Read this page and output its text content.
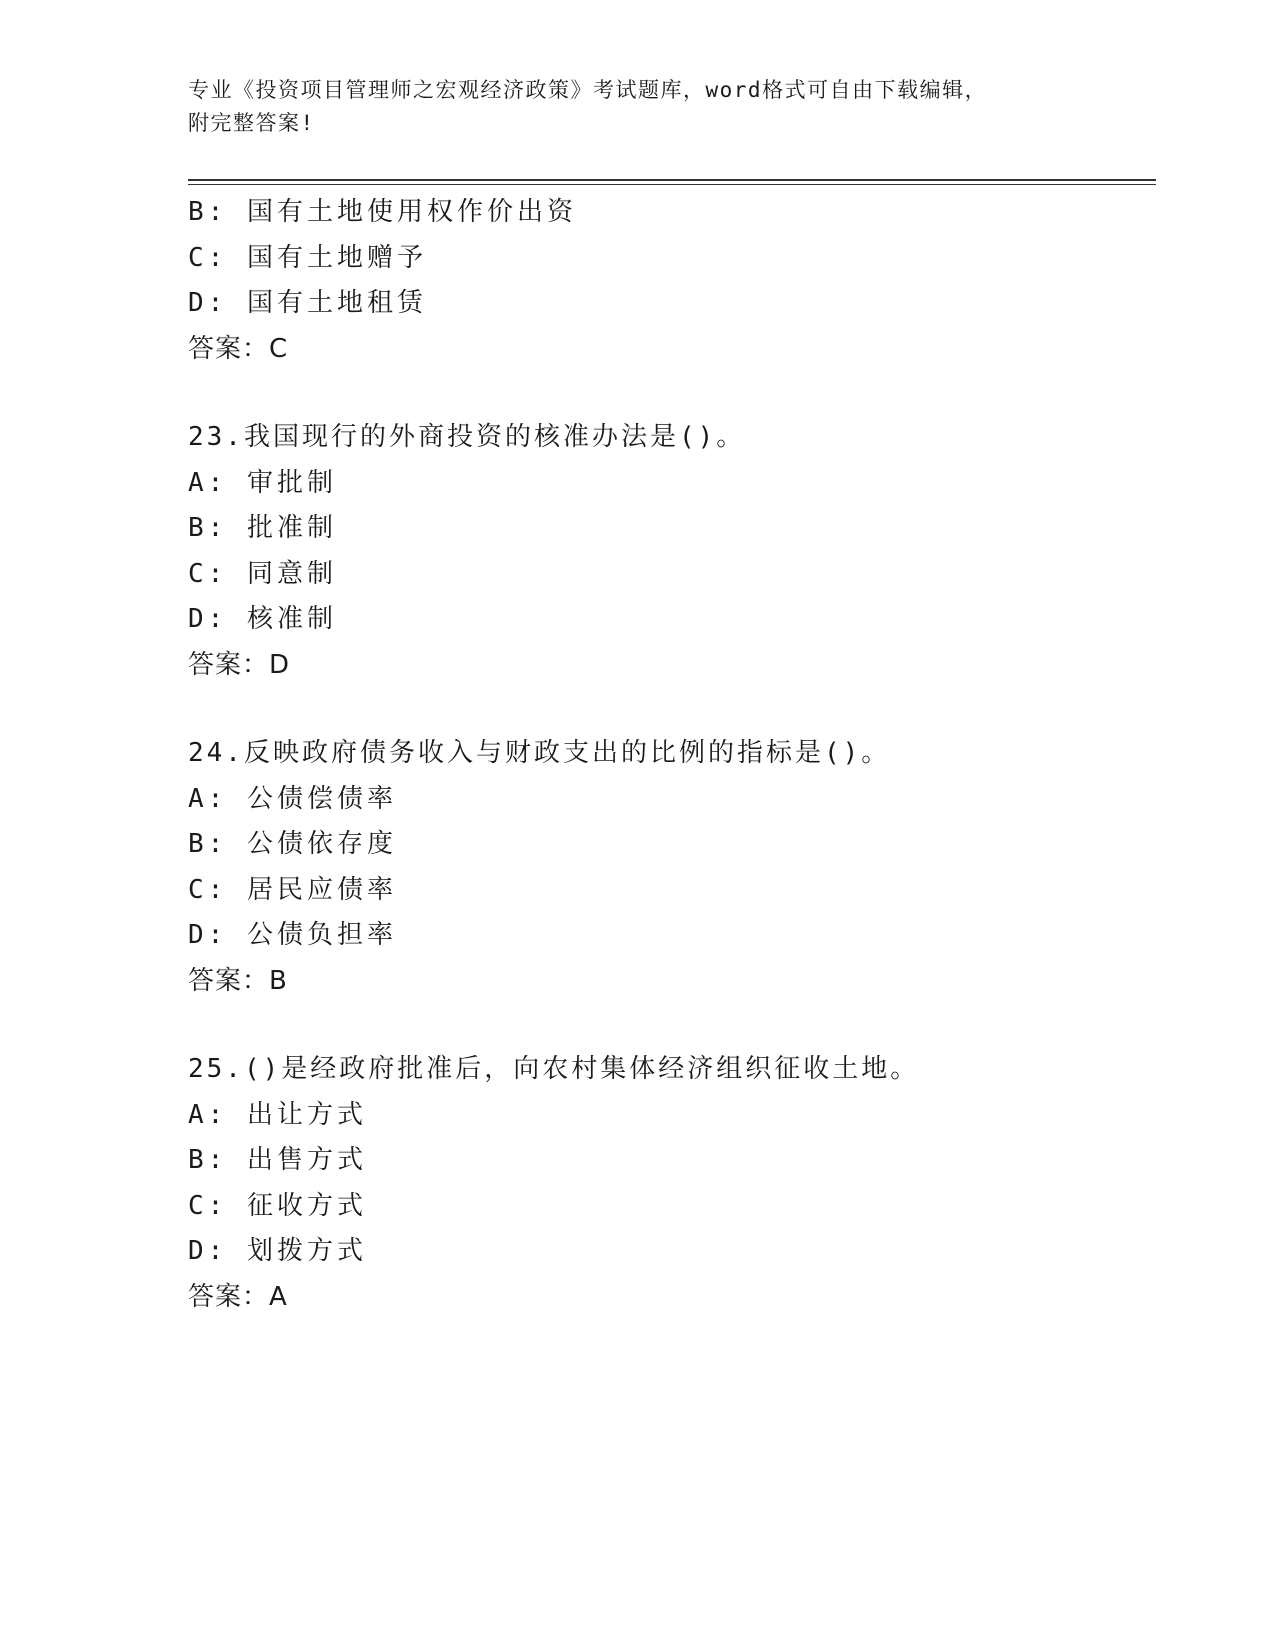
专业《投资项目管理师之宏观经济政策》考试题库，word格式可自由下载编辑，
附完整答案!
B: 国有土地使用权作价出资
C: 国有土地赠予
D: 国有土地租赁
答案：C
23.我国现行的外商投资的核准办法是()。
A: 审批制
B: 批准制
C: 同意制
D: 核准制
答案：D
24.反映政府债务收入与财政支出的比例的指标是()。
A: 公债偿债率
B: 公债依存度
C: 居民应债率
D: 公债负担率
答案：B
25.()是经政府批准后，向农村集体经济组织征收土地。
A: 出让方式
B: 出售方式
C: 征收方式
D: 划拨方式
答案：A
